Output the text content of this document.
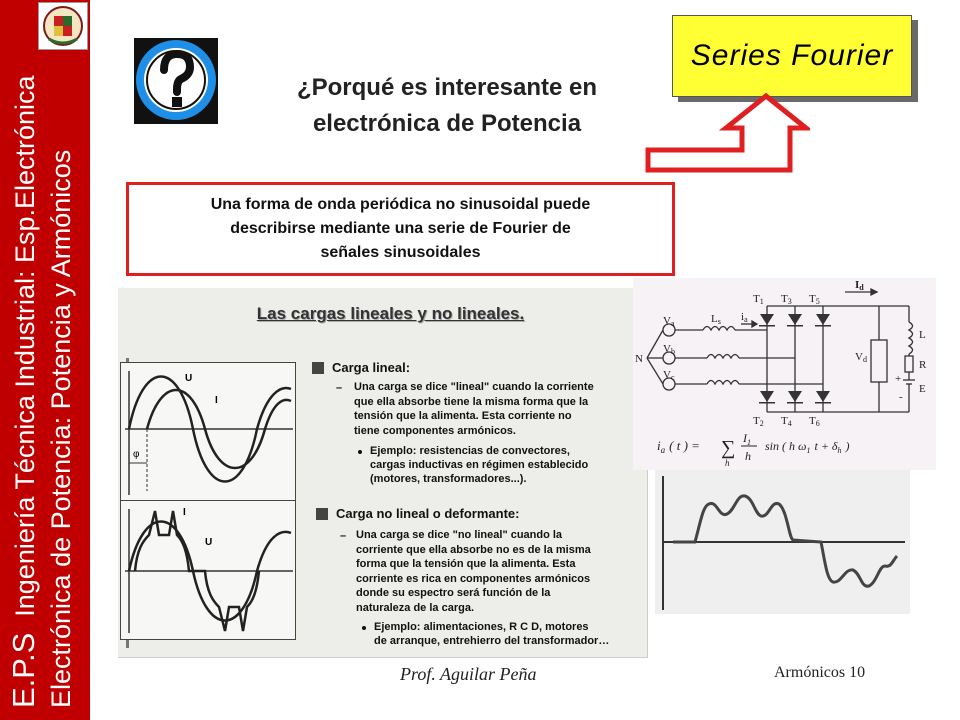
E.P.SIngeniería Técnica Industrial: Esp.Electrónica Electrónica de Potencia: Potencia y Armónicos
¿Porqué es interesante en
electrónica de Potencia
Series Fourier
Una forma de onda periódica no sinusoidal puede
describirse mediante una serie de Fourier de
señales sinusoidales
Las cargas lineales y no lineales.
U
I
φ
I
U
Carga lineal:
– Una carga se dice "lineal" cuando la corriente
que ella absorbe tiene la misma forma que la
tensión que la alimenta. Esta corriente no
tiene componentes armónicos.
Ejemplo: resistencias de convectores,
cargas inductivas en régimen establecido
(motores, transformadores...).
Carga no lineal o deformante:
– Una carga se dice "no lineal" cuando la
corriente que ella absorbe no es de la misma
forma que la tensión que la alimenta. Esta
corriente es rica en componentes armónicos
donde su espectro será función de la
naturaleza de la carga.
Ejemplo: alimentaciones, R C D, motores
de arranque, entrehierro del transformador…
N
Va
Vb
Vc
Ls ia
T1 T3 T5
T2 T4 T6
Id
Vd
L
R
E
+
-
$i_a$ ( t ) = ∑
h
$I_1$
h
sin ( h $\omega_1$ $t + \delta_h$ )
Prof. Aguilar Peña	Armónicos 10
